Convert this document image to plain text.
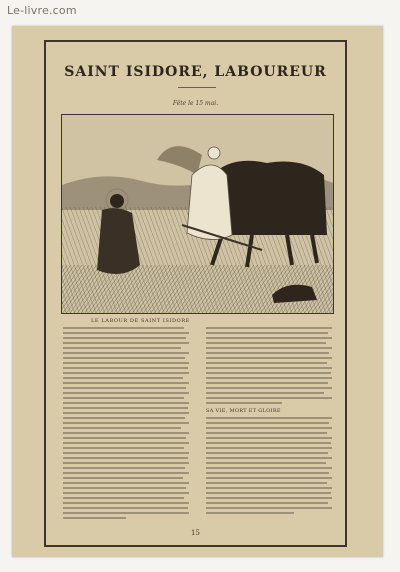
Le-livre.com
SAINT ISIDORE, LABOUREUR
Fête le 15 mai.
LE LABOUR DE SAINT ISIDORE
SA VIE, MORT ET GLOIRE
15
